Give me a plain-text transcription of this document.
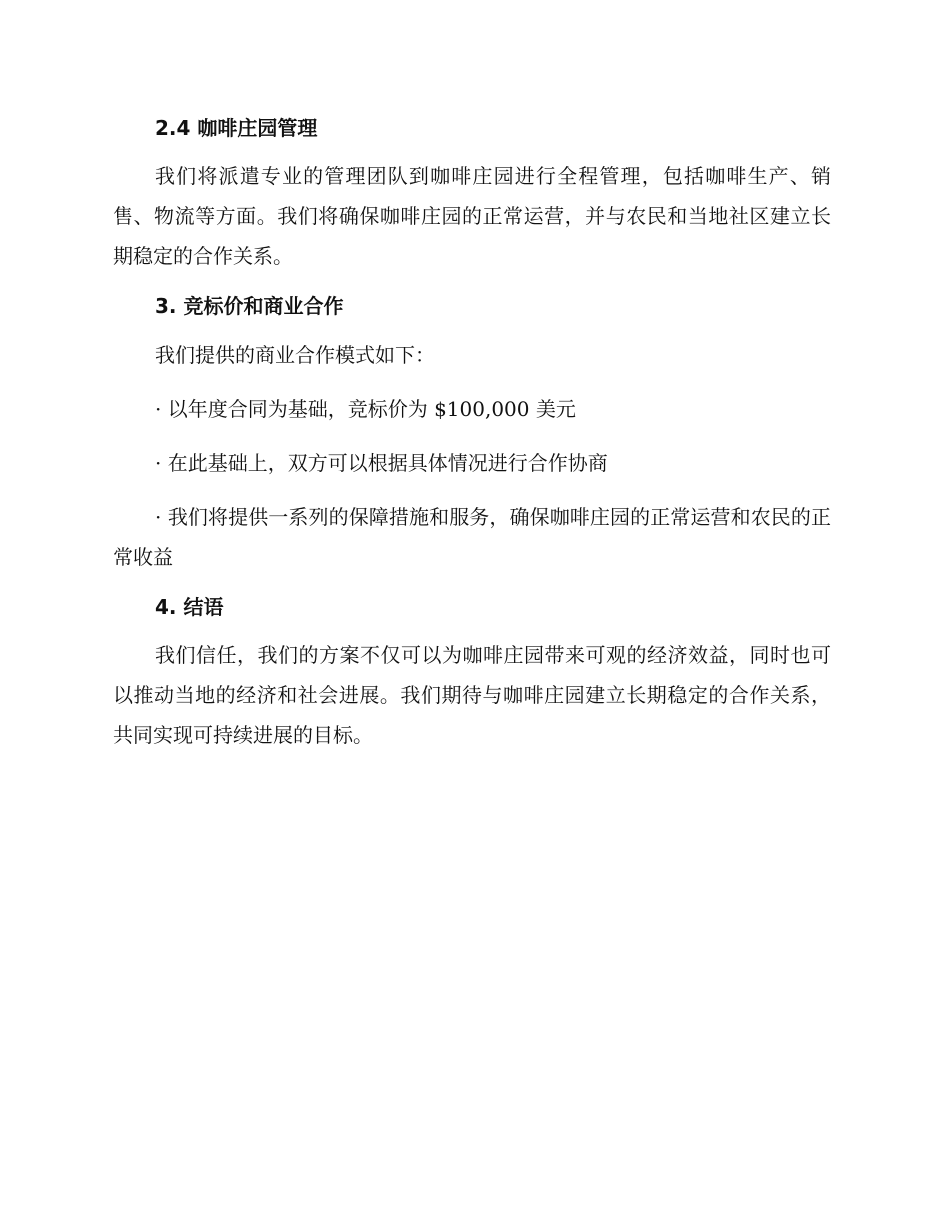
2.4 咖啡庄园管理

我们将派遣专业的管理团队到咖啡庄园进行全程管理，包括咖啡生产、销售、物流等方面。我们将确保咖啡庄园的正常运营，并与农民和当地社区建立长期稳定的合作关系。

3. 竞标价和商业合作

我们提供的商业合作模式如下：

· 以年度合同为基础，竞标价为 $100,000 美元

· 在此基础上，双方可以根据具体情况进行合作协商

· 我们将提供一系列的保障措施和服务，确保咖啡庄园的正常运营和农民的正常收益

4. 结语

我们信任，我们的方案不仅可以为咖啡庄园带来可观的经济效益，同时也可以推动当地的经济和社会进展。我们期待与咖啡庄园建立长期稳定的合作关系，共同实现可持续进展的目标。
